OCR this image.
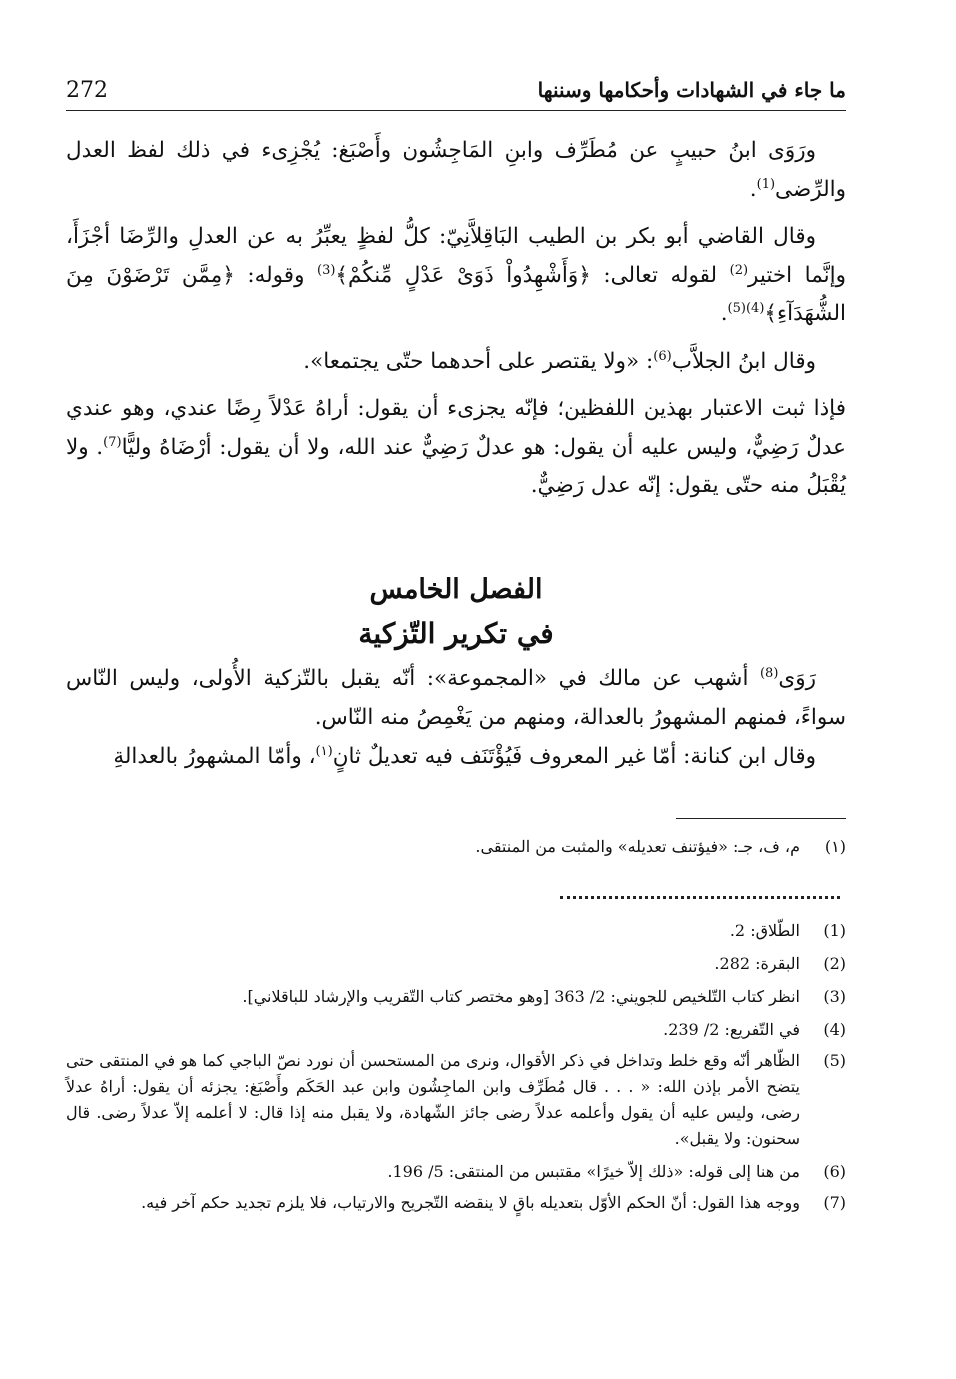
272	ما جاء في الشهادات وأحكامها وسننها

ورَوَى ابنُ حبيبٍ عن مُطَرِّف وابنِ المَاجِشُون وأَصْبَغ: يُجْزِىء في ذلك لفظ العدل والرِّضى$^{(1)}$.

وقال القاضي أبو بكر بن الطيب البَاقِلاَّنِيّ: كلُّ لفظٍ يعبِّرُ به عن العدلِ والرِّضَا أجْزَأَ، وإنَّما اختير$^{(2)}$ لقوله تعالى: ﴿وَأَشْهِدُواْ ذَوَىْ عَدْلٍ مِّنكُمْ﴾$^{(3)}$ وقوله: ﴿مِمَّن تَرْضَوْنَ مِنَ الشُّهَدَآءِ﴾$^{(4)(5)}$.

وقال ابنُ الجلاَّب$^{(6)}$: «ولا يقتصر على أحدهما حتّى يجتمعا».

فإذا ثبت الاعتبار بهذين اللفظين؛ فإنّه يجزىء أن يقول: أراهُ عَدْلاً رِضًا عندي، وهو عندي عدلٌ رَضِيٌّ، وليس عليه أن يقول: هو عدلٌ رَضِيٌّ عند الله، ولا أن يقول: أرْضَاهُ وليًّا$^{(7)}$. ولا يُقْبَلُ منه حتّى يقول: إنّه عدل رَضِيٌّ.

الفصل الخامس
في تكرير التّزكية

رَوَى$^{(8)}$ أشهب عن مالك في «المجموعة»: أنّه يقبل بالتّزكية الأُولى، وليس النّاس سواءً، فمنهم المشهورُ بالعدالة، ومنهم من يَغْمِصُ منه النّاس.

وقال ابن كنانة: أمّا غير المعروف فَيُؤْتَنَف فيه تعديلٌ ثانٍ$^{(١)}$، وأمّا المشهورُ بالعدالةِ

(١)
م، ف، جـ: «فيؤتنف تعديله» والمثبت من المنتقى.
(1)
الطّلاق: 2.
(2)
البقرة: 282.
(3)
انظر كتاب التّلخيص للجويني: 2/ 363 [وهو مختصر كتاب التّقريب والإرشاد للباقلاني].
(4)
في التّفريع: 2/ 239.
(5)
الظّاهر أنّه وقع خلط وتداخل في ذكر الأقوال، ونرى من المستحسن أن نورد نصّ الباجي كما هو في المنتقى حتى يتضح الأمر بإذن الله: « . . . قال مُطَرِّف وابن الماجِشُون وابن عبد الحَكَم وأَصْبَغ: يجزئه أن يقول: أراهُ عدلاً رضى، وليس عليه أن يقول وأعلمه عدلاً رضى جائز الشّهادة، ولا يقبل منه إذا قال: لا أعلمه إلاّ عدلاً رضى. قال سحنون: ولا يقبل».
(6)
من هنا إلى قوله: «ذلك إلاّ خيرًا» مقتبس من المنتقى: 5/ 196.
(7)
ووجه هذا القول: أنّ الحكم الأوّل بتعديله باقٍ لا ينقضه التّجريح والارتياب، فلا يلزم تجديد حكم آخر فيه.
